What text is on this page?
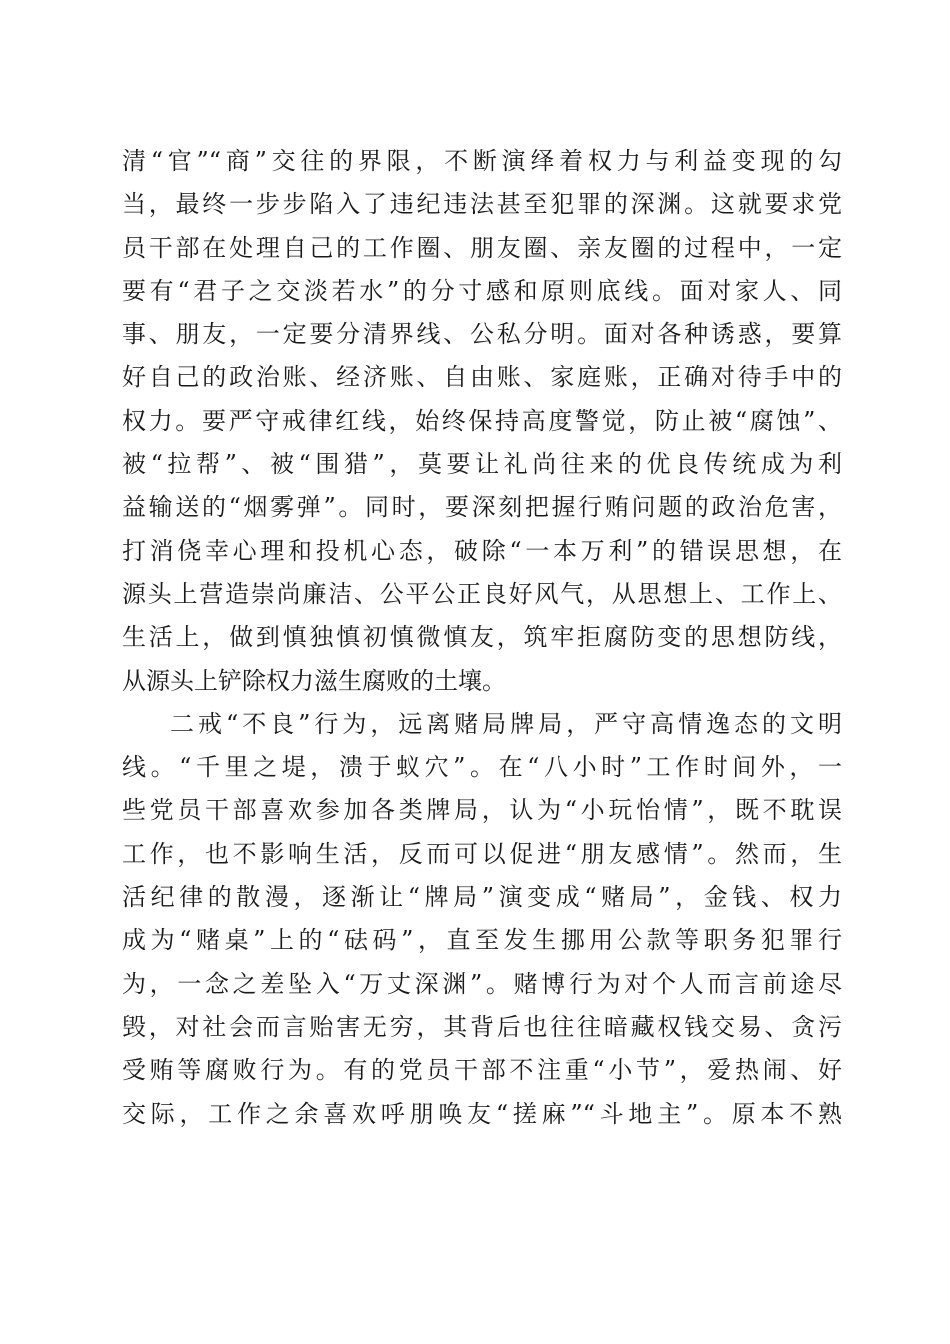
清“官”“商”交往的界限，不断演绎着权力与利益变现的勾
当，最终一步步陷入了违纪违法甚至犯罪的深渊。这就要求党
员干部在处理自己的工作圈、朋友圈、亲友圈的过程中，一定
要有“君子之交淡若水”的分寸感和原则底线。面对家人、同
事、朋友，一定要分清界线、公私分明。面对各种诱惑，要算
好自己的政治账、经济账、自由账、家庭账，正确对待手中的
权力。要严守戒律红线，始终保持高度警觉，防止被“腐蚀”、
被“拉帮”、被“围猎”，莫要让礼尚往来的优良传统成为利
益输送的“烟雾弹”。同时，要深刻把握行贿问题的政治危害，
打消侥幸心理和投机心态，破除“一本万利”的错误思想，在
源头上营造崇尚廉洁、公平公正良好风气，从思想上、工作上、
生活上，做到慎独慎初慎微慎友，筑牢拒腐防变的思想防线，
从源头上铲除权力滋生腐败的土壤。
二戒“不良”行为，远离赌局牌局，严守高情逸态的文明
线。“千里之堤，溃于蚁穴”。在“八小时”工作时间外，一
些党员干部喜欢参加各类牌局，认为“小玩怡情”，既不耽误
工作，也不影响生活，反而可以促进“朋友感情”。然而，生
活纪律的散漫，逐渐让“牌局”演变成“赌局”，金钱、权力
成为“赌桌”上的“砝码”，直至发生挪用公款等职务犯罪行
为，一念之差坠入“万丈深渊”。赌博行为对个人而言前途尽
毁，对社会而言贻害无穷，其背后也往往暗藏权钱交易、贪污
受贿等腐败行为。有的党员干部不注重“小节”，爱热闹、好
交际，工作之余喜欢呼朋唤友“搓麻”“斗地主”。原本不熟
